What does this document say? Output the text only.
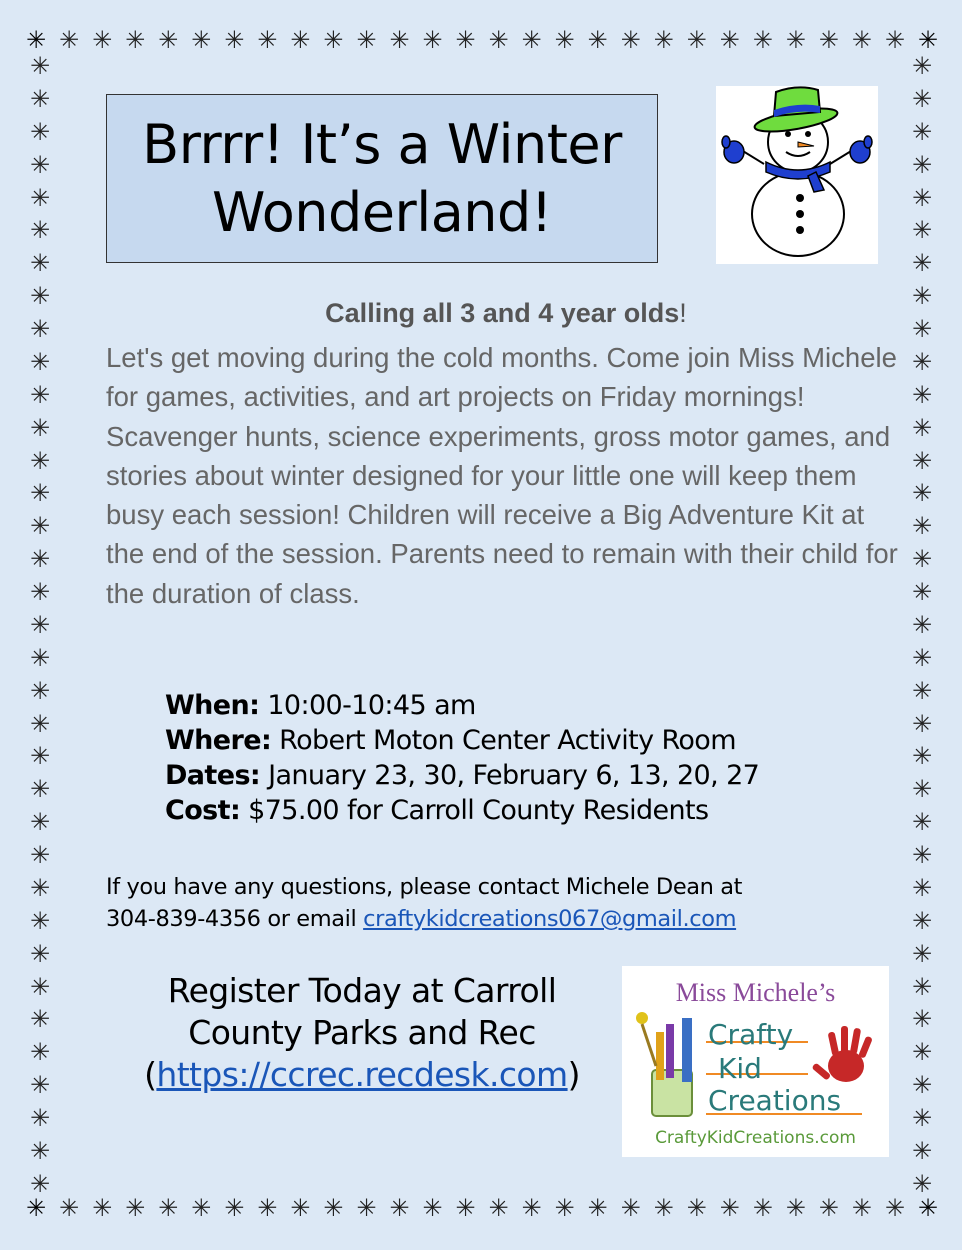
✳ ✳ ✳ ✳ ✳ ✳ ✳ ✳ ✳ ✳ ✳ ✳ ✳ ✳ ✳ ✳ ✳ ✳ ✳ ✳ ✳ ✳ ✳ ✳ ✳ ✳ ✳ ✳
✳ ✳ ✳ ✳ ✳ ✳ ✳ ✳ ✳ ✳ ✳ ✳ ✳ ✳ ✳ ✳ ✳ ✳ ✳ ✳ ✳ ✳ ✳ ✳ ✳ ✳ ✳ ✳
✳
✳
✳
✳
✳
✳
✳
✳
✳
✳
✳
✳
✳
✳
✳
✳
✳
✳
✳
✳
✳
✳
✳
✳
✳
✳
✳
✳
✳
✳
✳
✳
✳
✳
✳
✳
✳
✳
✳
✳
✳
✳
✳
✳
✳
✳
✳
✳
✳
✳
✳
✳
✳
✳
✳
✳
✳
✳
✳
✳
✳
✳
✳
✳
✳
✳
✳
✳
✳
✳
Brrrr! It’s a Winter
Wonderland!
Calling all 3 and 4 year olds!
Let's get moving during the cold months. Come join Miss Michele for games, activities, and art projects on Friday mornings! Scavenger hunts, science experiments, gross motor games, and stories about winter designed for your little one will keep them busy each session! Children will receive a Big Adventure Kit at the end of the session. Parents need to remain with their child for the duration of class.
When: 10:00-10:45 am
Where: Robert Moton Center Activity Room
Dates: January 23, 30, February 6, 13, 20, 27
Cost: $75.00 for Carroll County Residents
If you have any questions, please contact Michele Dean at
304-839-4356 or email craftykidcreations067@gmail.com
Register Today at Carroll
County Parks and Rec
(https://ccrec.recdesk.com)
Miss Michele’s
Crafty
Kid
Creations
CraftyKidCreations.com
